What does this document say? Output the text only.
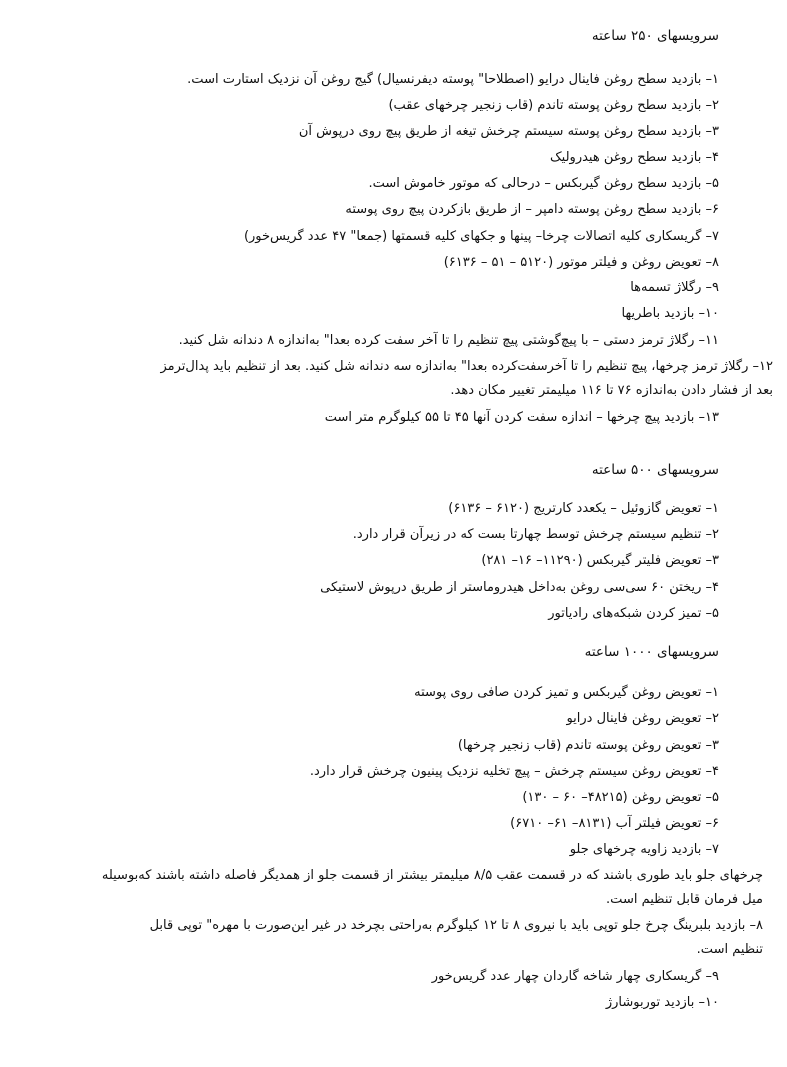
سرویسهای ۲۵۰ ساعته
۱– بازدید سطح روغن فاینال درایو (اصطلاحا" پوسته دیفرنسیال) گیج روغن آن نزدیک استارت است.
۲– بازدید سطح روغن پوسته تاندم (قاب زنجیر چرخهای عقب)
۳– بازدید سطح روغن پوسته سیستم چرخش تیغه از طریق پیچ روی درپوش آن
۴– بازدید سطح روغن هیدرولیک
۵– بازدید سطح روغن گیربکس – درحالی که موتور خاموش است.
۶– بازدید سطح روغن پوسته دامپر – از طریق بازکردن پیچ روی پوسته
۷– گریسکاری کلیه اتصالات چرخا– پینها و جکهای کلیه قسمتها (جمعا" ۴۷ عدد گریس‌خور)
۸– تعویض روغن و فیلتر موتور (۵۱۲۰ – ۵۱ – ۶۱۳۶)
۹– رگلاژ تسمه‌ها
۱۰– بازدید باطریها
۱۱– رگلاژ ترمز دستی – با پیچ‌گوشتی پیچ تنظیم را تا آخر سفت کرده بعدا" به‌اندازه ۸ دندانه شل کنید.
۱۲– رگلاژ ترمز چرخها، پیچ تنظیم را تا آخرسفت‌کرده بعدا" به‌اندازه سه دندانه شل کنید. بعد از تنظیم باید پدال‌ترمز
بعد از فشار دادن به‌اندازه ۷۶ تا ۱۱۶ میلیمتر تغییر مکان دهد.
۱۳– بازدید پیچ چرخها – اندازه سفت کردن آنها ۴۵ تا ۵۵ کیلوگرم متر است
سرویسهای ۵۰۰ ساعته
۱– تعویض گازوئیل – یکعدد کارتریج (۶۱۲۰ – ۶۱۳۶)
۲– تنظیم سیستم چرخش توسط چهارتا بست که در زیرآن قرار دارد.
۳– تعویض فلیتر گیربکس (۱۱۲۹۰– ۱۶– ۲۸۱)
۴– ریختن ۶۰ سی‌سی روغن به‌داخل هیدروماستر از طریق درپوش لاستیکی
۵– تمیز کردن شبکه‌های رادیاتور
سرویسهای ۱۰۰۰ ساعته
۱– تعویض روغن گیربکس و تمیز کردن صافی روی پوسته
۲– تعویض روغن فاینال درایو
۳– تعویض روغن پوسته تاندم (قاب زنجیر چرخها)
۴– تعویض روغن سیستم چرخش – پیچ تخلیه نزدیک پینیون چرخش قرار دارد.
۵– تعویض روغن (۴۸۲۱۵– ۶۰ – ۱۳۰)
۶– تعویض فیلتر آب (۸۱۳۱– ۶۱– ۶۷۱۰)
۷– بازدید زاویه چرخهای جلو
چرخهای جلو باید طوری باشند که در قسمت عقب ۸/۵ میلیمتر بیشتر از قسمت جلو از همدیگر فاصله داشته باشند که‌بوسیله
میل فرمان قابل تنظیم است.
۸– بازدید بلبرینگ چرخ جلو توپی باید با نیروی ۸ تا ۱۲ کیلوگرم به‌راحتی بچرخد در غیر این‌صورت با مهره" توپی قابل
تنظیم است.
۹– گریسکاری چهار شاخه گاردان چهار عدد گریس‌خور
۱۰– بازدید توربوشارژ
